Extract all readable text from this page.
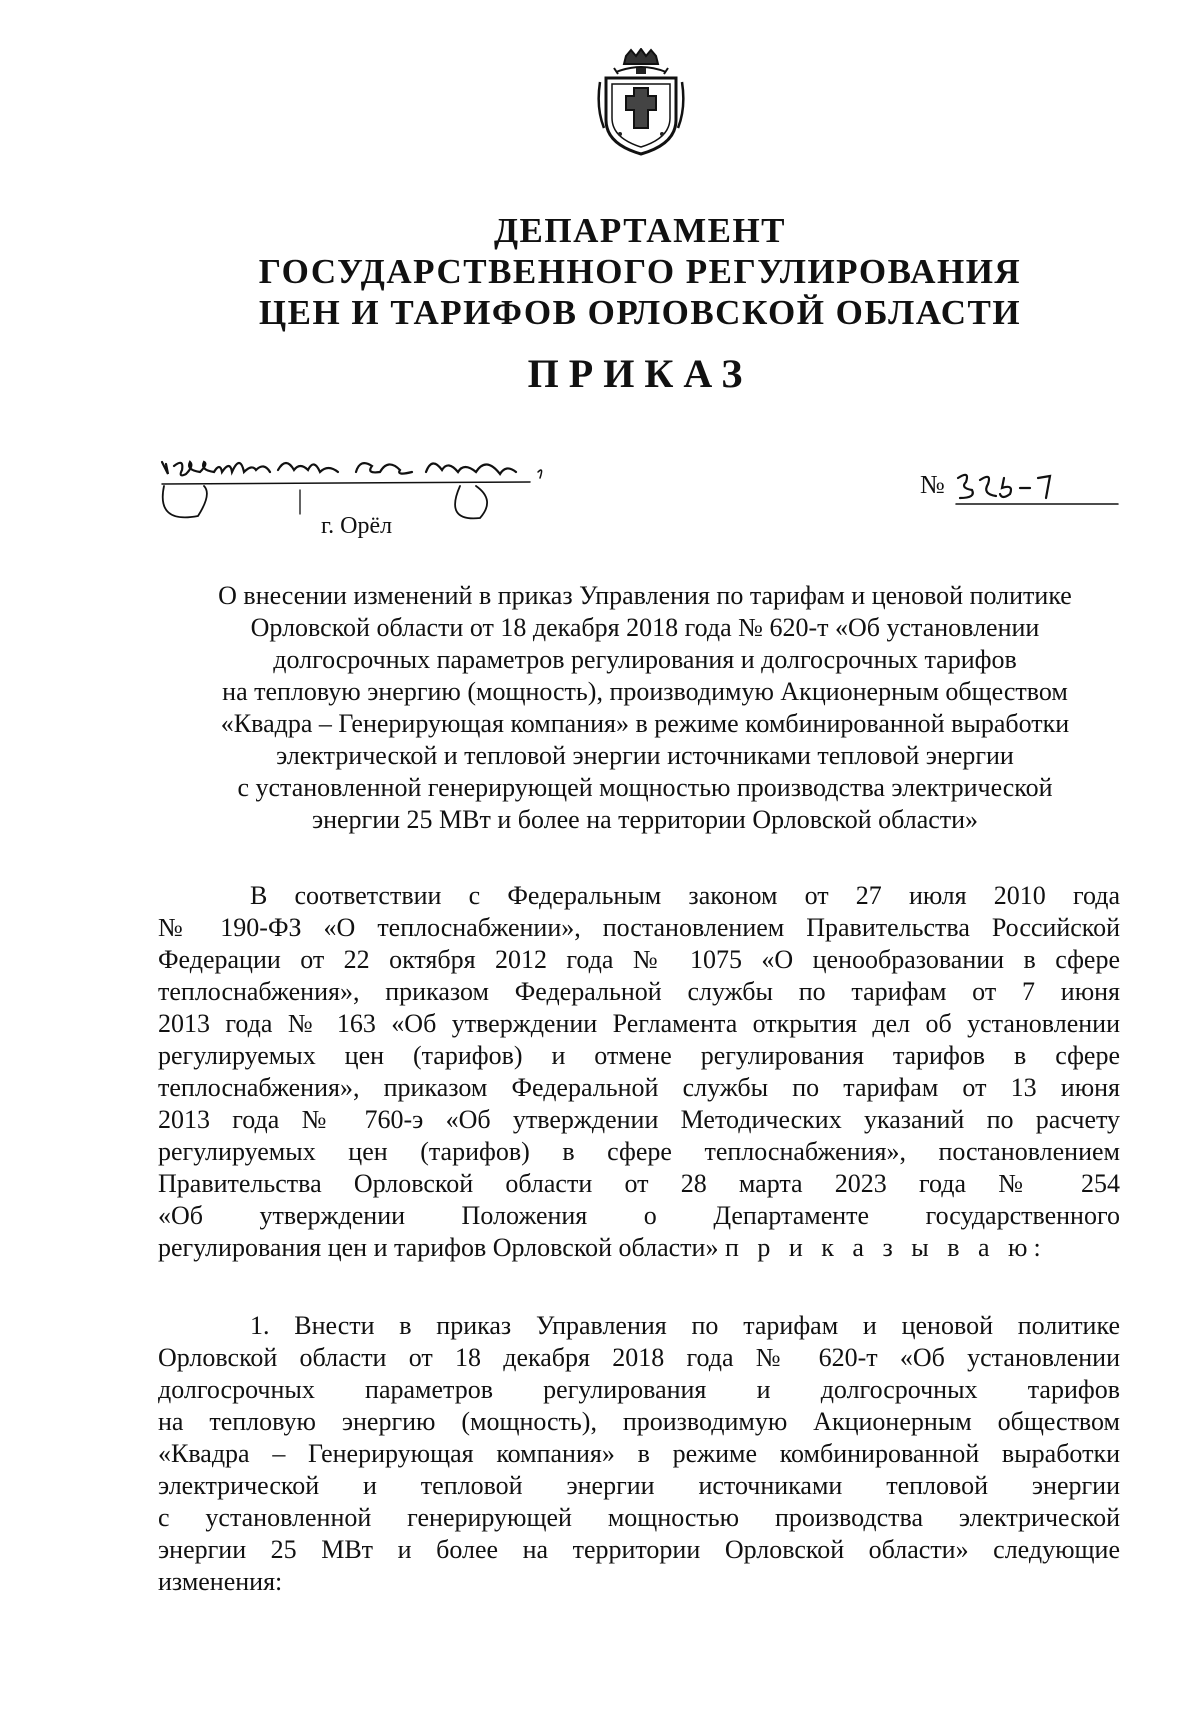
ДЕПАРТАМЕНТ
ГОСУДАРСТВЕННОГО РЕГУЛИРОВАНИЯ
ЦЕН И ТАРИФОВ ОРЛОВСКОЙ ОБЛАСТИ
ПРИКАЗ
г. Орёл
№
О внесении изменений в приказ Управления по тарифам и ценовой политике
Орловской области от 18 декабря 2018 года № 620-т «Об установлении
долгосрочных параметров регулирования и долгосрочных тарифов
на тепловую энергию (мощность), производимую Акционерным обществом
«Квадра – Генерирующая компания» в режиме комбинированной выработки
электрической и тепловой энергии источниками тепловой энергии
с установленной генерирующей мощностью производства электрической
энергии 25 МВт и более на территории Орловской области»
В соответствии с Федеральным законом от 27 июля 2010 года
№ 190-ФЗ «О теплоснабжении», постановлением Правительства Российской
Федерации от 22 октября 2012 года № 1075 «О ценообразовании в сфере
теплоснабжения», приказом Федеральной службы по тарифам от 7 июня
2013 года № 163 «Об утверждении Регламента открытия дел об установлении
регулируемых цен (тарифов) и отмене регулирования тарифов в сфере
теплоснабжения», приказом Федеральной службы по тарифам от 13 июня
2013 года № 760-э «Об утверждении Методических указаний по расчету
регулируемых цен (тарифов) в сфере теплоснабжения», постановлением
Правительства Орловской области от 28 марта 2023 года № 254
«Об утверждении Положения о Департаменте государственного
регулирования цен и тарифов Орловской области» п р и к а з ы в а ю:
1. Внести в приказ Управления по тарифам и ценовой политике
Орловской области от 18 декабря 2018 года № 620-т «Об установлении
долгосрочных параметров регулирования и долгосрочных тарифов
на тепловую энергию (мощность), производимую Акционерным обществом
«Квадра – Генерирующая компания» в режиме комбинированной выработки
электрической и тепловой энергии источниками тепловой энергии
с установленной генерирующей мощностью производства электрической
энергии 25 МВт и более на территории Орловской области» следующие
изменения:
